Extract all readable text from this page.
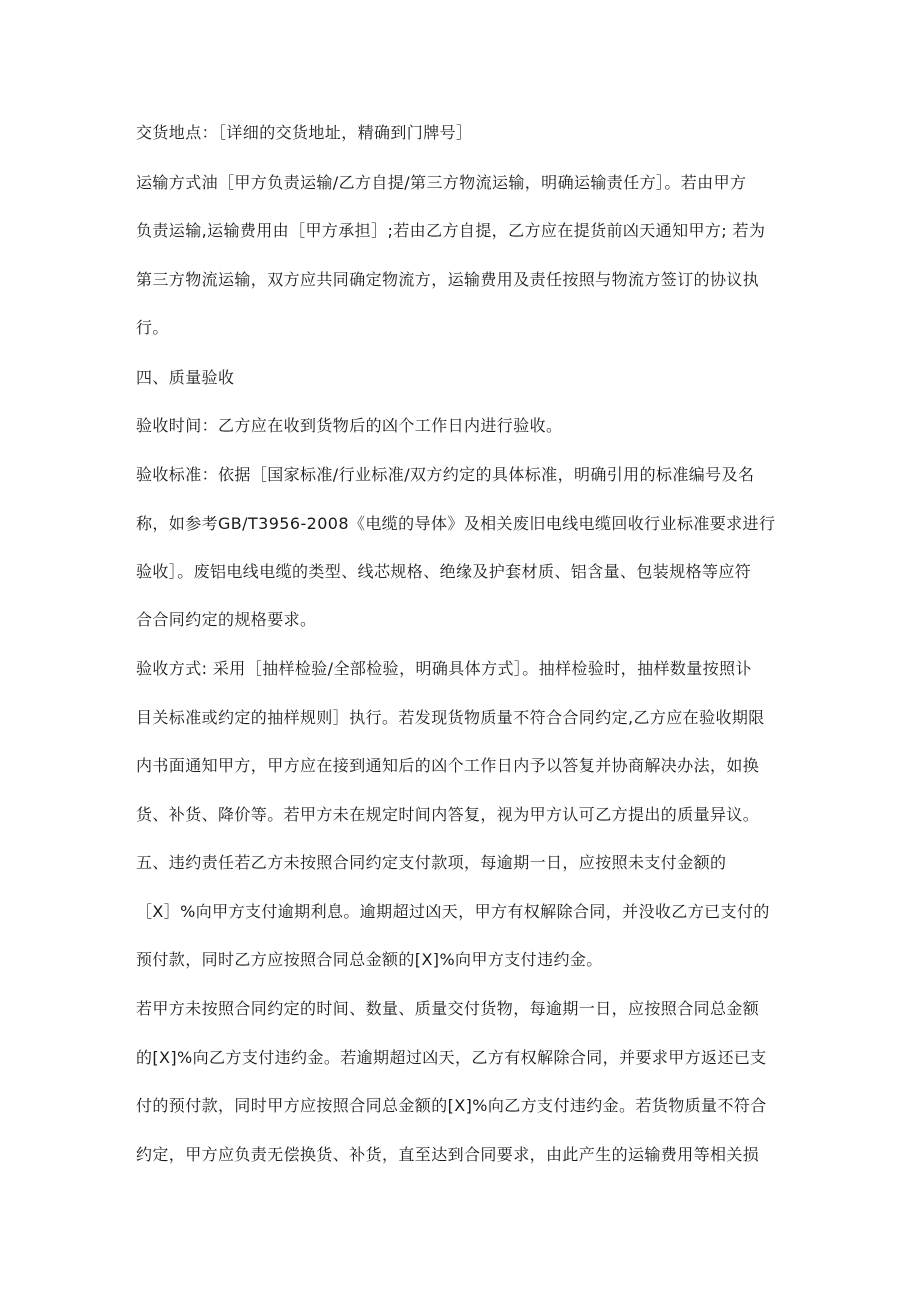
交货地点：［详细的交货地址，精确到门牌号］
运输方式油［甲方负责运输/乙方自提/第三方物流运输，明确运输责任方］。若由甲方
负责运输,运输费用由［甲方承担］;若由乙方自提，乙方应在提货前凶天通知甲方; 若为
第三方物流运输，双方应共同确定物流方，运输费用及责任按照与物流方签订的协议执
行。
四、质量验收
验收时间：乙方应在收到货物后的凶个工作日内进行验收。
验收标准：依据［国家标准/行业标准/双方约定的具体标准，明确引用的标准编号及名
称，如参考GB/T3956-2008《电缆的导体》及相关废旧电线电缆回收行业标准要求进行
验收］。废铝电线电缆的类型、线芯规格、绝缘及护套材质、铝含量、包装规格等应符
合合同约定的规格要求。
验收方式: 采用［抽样检验/全部检验，明确具体方式］。抽样检验时，抽样数量按照讣
目关标准或约定的抽样规则］执行。若发现货物质量不符合合同约定,乙方应在验收期限
内书面通知甲方，甲方应在接到通知后的凶个工作日内予以答复并协商解决办法，如换
货、补货、降价等。若甲方未在规定时间内答复，视为甲方认可乙方提出的质量异议。
五、违约责任若乙方未按照合同约定支付款项，每逾期一日，应按照未支付金额的
［X］%向甲方支付逾期利息。逾期超过凶天，甲方有权解除合同，并没收乙方已支付的
预付款，同时乙方应按照合同总金额的[X]%向甲方支付违约金。
若甲方未按照合同约定的时间、数量、质量交付货物，每逾期一日，应按照合同总金额
的[X]%向乙方支付违约金。若逾期超过凶天，乙方有权解除合同，并要求甲方返还已支
付的预付款，同时甲方应按照合同总金额的[X]%向乙方支付违约金。若货物质量不符合
约定，甲方应负责无偿换货、补货，直至达到合同要求，由此产生的运输费用等相关损
